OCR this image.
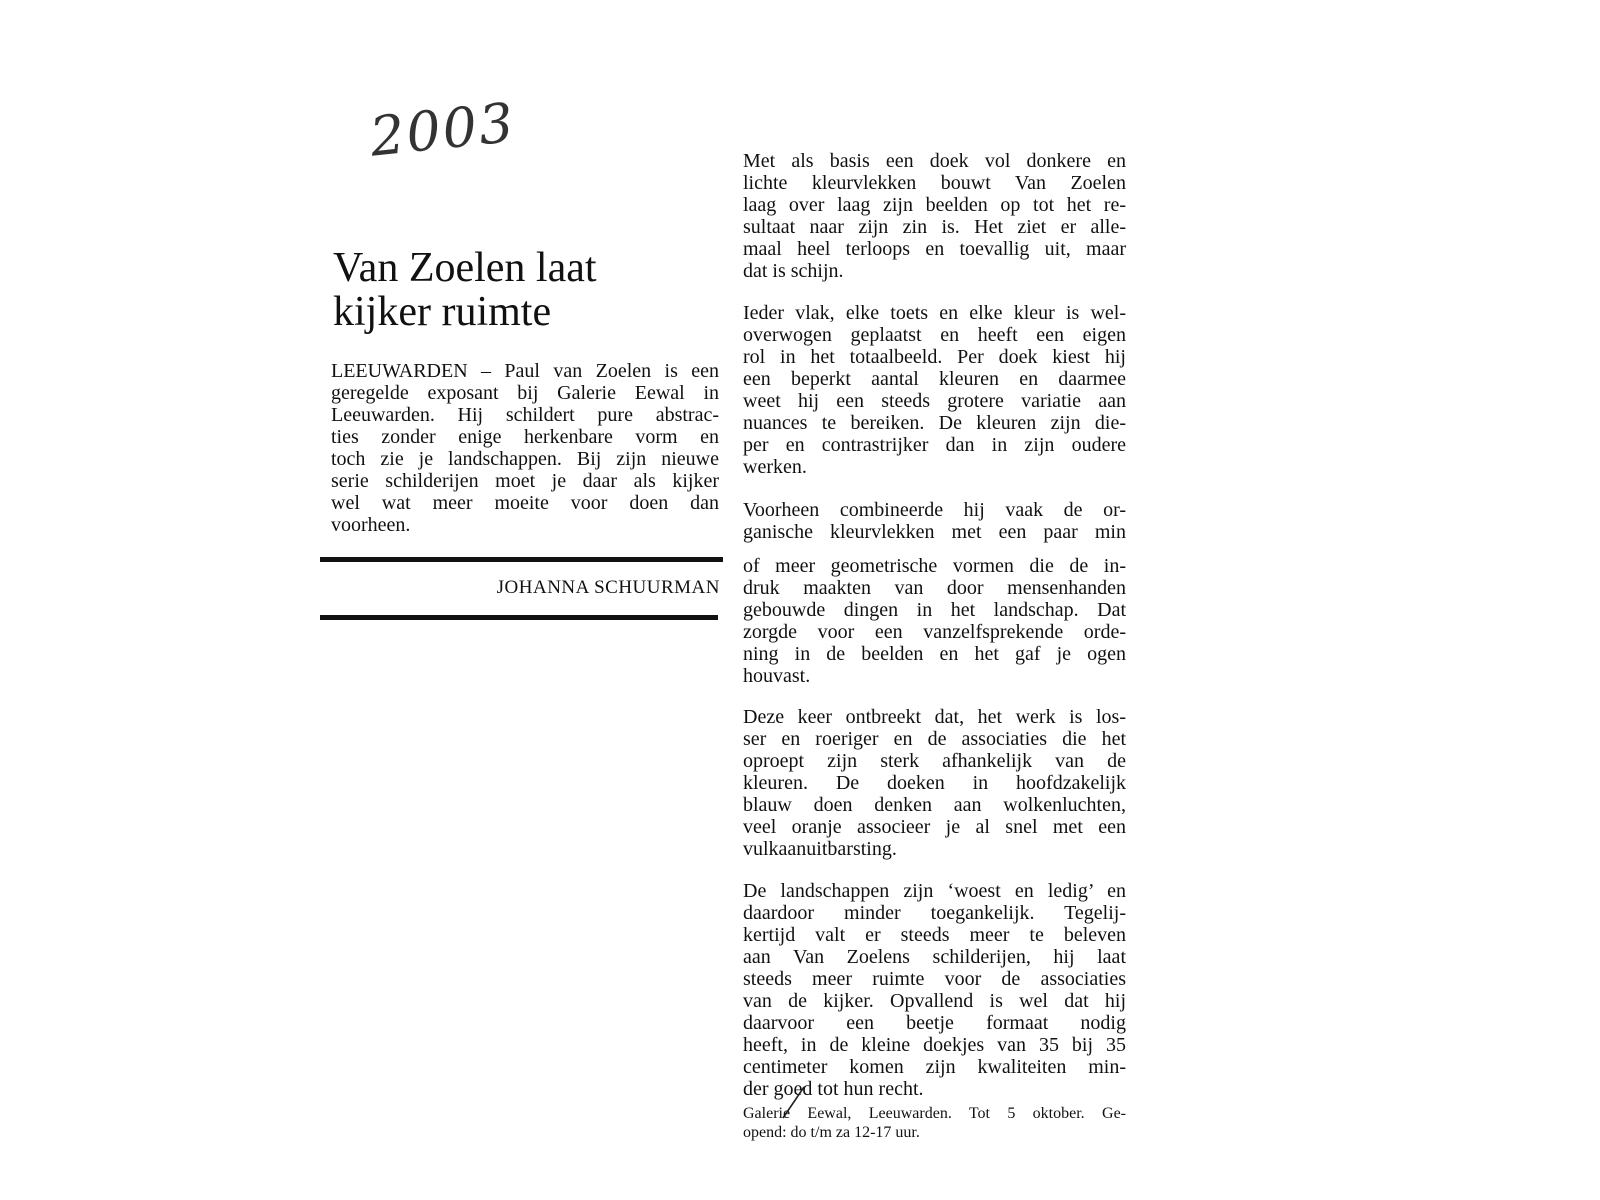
2003
Van Zoelen laat
kijker ruimte
LEEUWARDEN – Paul van Zoelen is een
geregelde exposant bij Galerie Eewal in
Leeuwarden. Hij schildert pure abstrac-
ties zonder enige herkenbare vorm en
toch zie je landschappen. Bij zijn nieuwe
serie schilderijen moet je daar als kijker
wel wat meer moeite voor doen dan
voorheen.
JOHANNA SCHUURMAN
Met als basis een doek vol donkere en
lichte kleurvlekken bouwt Van Zoelen
laag over laag zijn beelden op tot het re-
sultaat naar zijn zin is. Het ziet er alle-
maal heel terloops en toevallig uit, maar
dat is schijn.
Ieder vlak, elke toets en elke kleur is wel-
overwogen geplaatst en heeft een eigen
rol in het totaalbeeld. Per doek kiest hij
een beperkt aantal kleuren en daarmee
weet hij een steeds grotere variatie aan
nuances te bereiken. De kleuren zijn die-
per en contrastrijker dan in zijn oudere
werken.
Voorheen combineerde hij vaak de or-
ganische kleurvlekken met een paar min
of meer geometrische vormen die de in-
druk maakten van door mensenhanden
gebouwde dingen in het landschap. Dat
zorgde voor een vanzelfsprekende orde-
ning in de beelden en het gaf je ogen
houvast.
Deze keer ontbreekt dat, het werk is los-
ser en roeriger en de associaties die het
oproept zijn sterk afhankelijk van de
kleuren. De doeken in hoofdzakelijk
blauw doen denken aan wolkenluchten,
veel oranje associeer je al snel met een
vulkaanuitbarsting.
De landschappen zijn ‘woest en ledig’ en
daardoor minder toegankelijk. Tegelij-
kertijd valt er steeds meer te beleven
aan Van Zoelens schilderijen, hij laat
steeds meer ruimte voor de associaties
van de kijker. Opvallend is wel dat hij
daarvoor een beetje formaat nodig
heeft, in de kleine doekjes van 35 bij 35
centimeter komen zijn kwaliteiten min-
der goed tot hun recht.
Galerie Eewal, Leeuwarden. Tot 5 oktober. Ge-
opend: do t/m za 12-17 uur.
